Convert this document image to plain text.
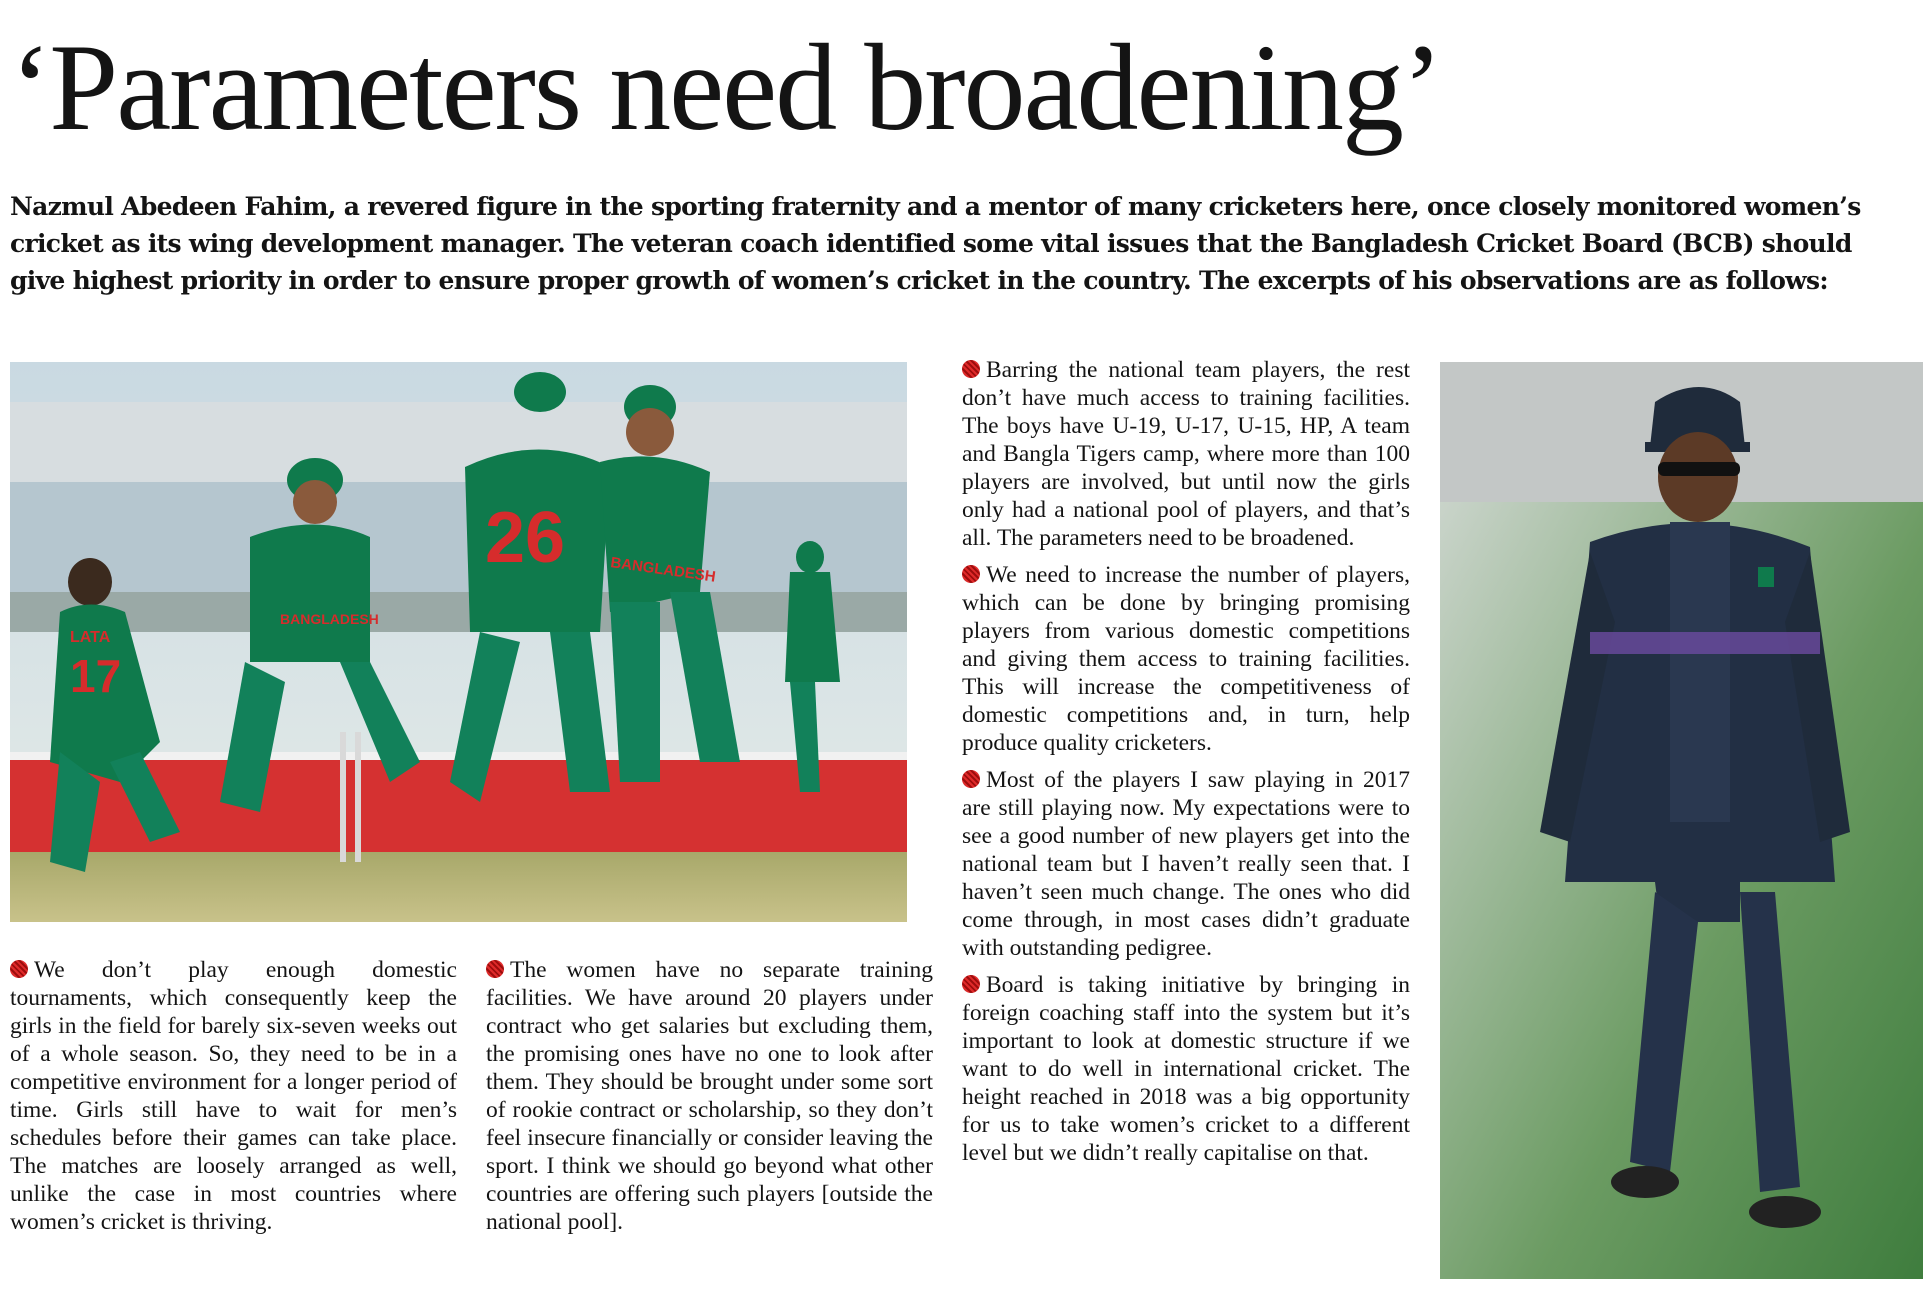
‘Parameters need broadening’

Nazmul Abedeen Fahim, a revered figure in the sporting fraternity and a mentor of many cricketers here, once closely monitored women’s cricket as its wing development manager. The veteran coach identified some vital issues that the Bangladesh Cricket Board (BCB) should give highest priority in order to ensure proper growth of women’s cricket in the country. The excerpts of his observations are as follows:

17
LATA
26	BANGLADESH
BANGLADESH

We don’t play enough domestic tournaments, which consequently keep the girls in the field for barely six-seven weeks out of a whole season. So, they need to be in a competitive environment for a longer period of time. Girls still have to wait for men’s schedules before their games can take place. The matches are loosely arranged as well, unlike the case in most countries where women’s cricket is thriving.

The women have no separate training facilities. We have around 20 players under contract who get salaries but excluding them, the promising ones have no one to look after them. They should be brought under some sort of rookie contract or scholarship, so they don’t feel insecure financially or consider leaving the sport. I think we should go beyond what other countries are offering such players [outside the national pool].

Barring the national team players, the rest don’t have much access to training facilities. The boys have U-19, U-17, U-15, HP, A team and Bangla Tigers camp, where more than 100 players are involved, but until now the girls only had a national pool of players, and that’s all. The parameters need to be broadened.

We need to increase the number of players, which can be done by bringing promising players from various domestic competitions and giving them access to training facilities. This will increase the competitiveness of domestic competitions and, in turn, help produce quality cricketers.

Most of the players I saw playing in 2017 are still playing now. My expectations were to see a good number of new players get into the national team but I haven’t really seen that. I haven’t seen much change. The ones who did come through, in most cases didn’t graduate with outstanding pedigree.

Board is taking initiative by bringing in foreign coaching staff into the system but it’s important to look at domestic structure if we want to do well in international cricket. The height reached in 2018 was a big opportunity for us to take women’s cricket to a different level but we didn’t really capitalise on that.
